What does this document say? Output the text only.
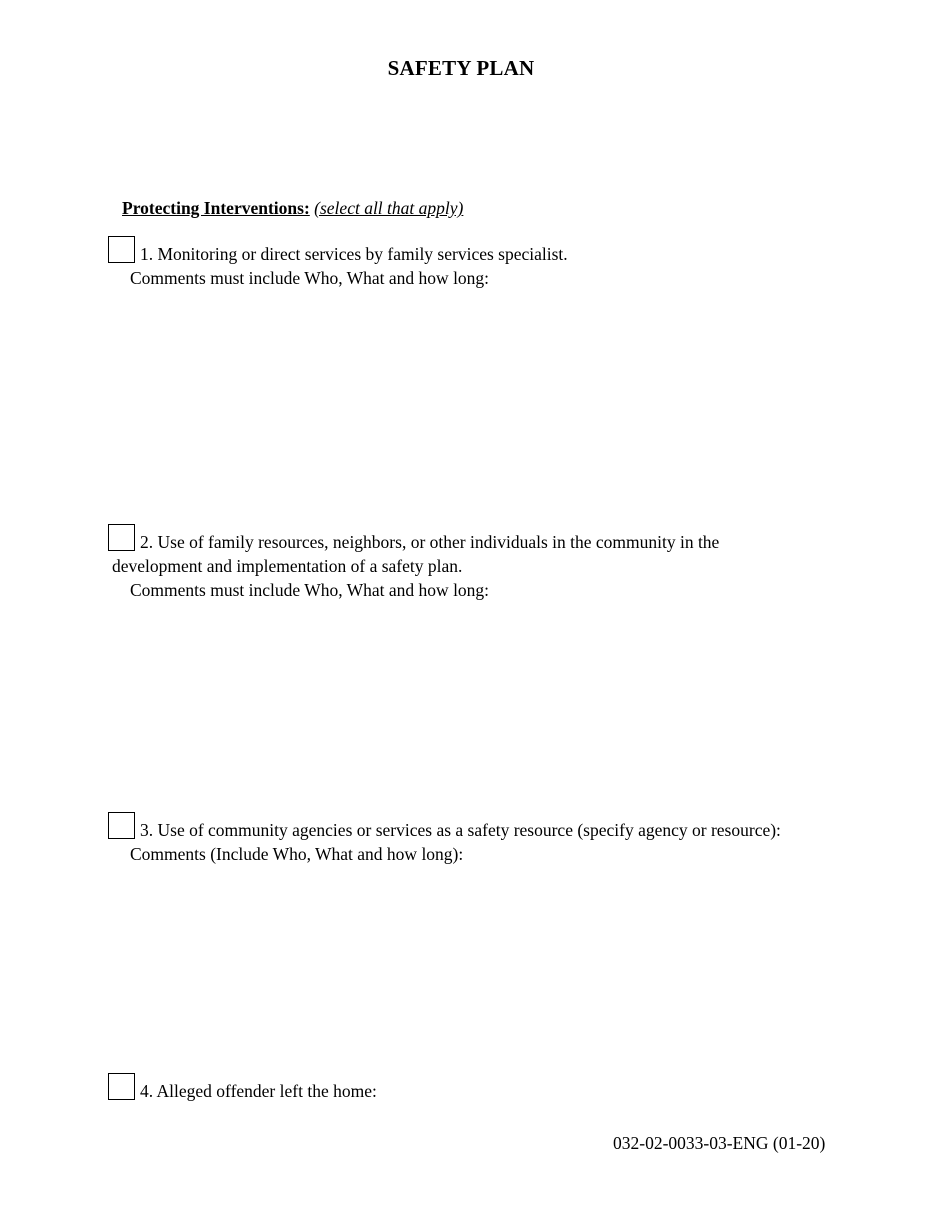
SAFETY PLAN
Protecting Interventions: (select all that apply)
1. Monitoring or direct services by family services specialist.
Comments must include Who, What and how long:
2. Use of family resources, neighbors, or other individuals in the community in the
development and implementation of a safety plan.
Comments must include Who, What and how long:
3. Use of community agencies or services as a safety resource (specify agency or resource):
Comments (Include Who, What and how long):
4. Alleged offender left the home:
032-02-0033-03-ENG (01-20)
